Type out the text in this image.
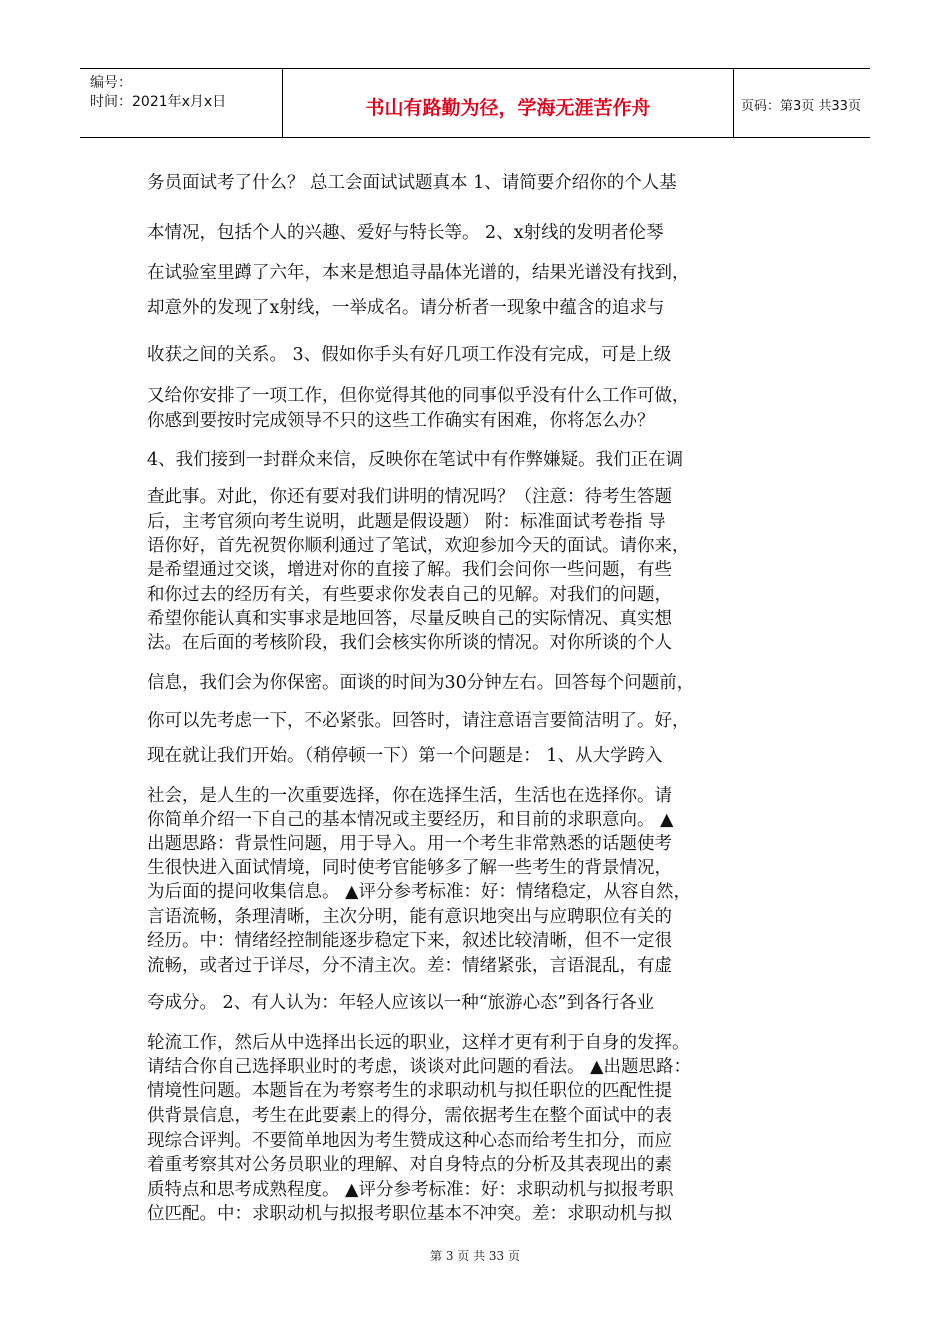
编号：
时间：2021年x月x日	书山有路勤为径，学海无涯苦作舟	页码：第3页 共33页
务员面试考了什么？ 总工会面试试题真本 1、请简要介绍你的个人基
本情况，包括个人的兴趣、爱好与特长等。 2、x射线的发明者伦琴
在试验室里蹲了六年，本来是想追寻晶体光谱的，结果光谱没有找到，
却意外的发现了x射线，一举成名。请分析者一现象中蕴含的追求与
收获之间的关系。 3、假如你手头有好几项工作没有完成，可是上级
又给你安排了一项工作，但你觉得其他的同事似乎没有什么工作可做，
你感到要按时完成领导不只的这些工作确实有困难，你将怎么办？
4、我们接到一封群众来信，反映你在笔试中有作弊嫌疑。我们正在调
查此事。对此，你还有要对我们讲明的情况吗？（注意：待考生答题
后，主考官须向考生说明，此题是假设题） 附：标准面试考卷指 导
语你好，首先祝贺你顺利通过了笔试，欢迎参加今天的面试。请你来，
是希望通过交谈，增进对你的直接了解。我们会问你一些问题，有些
和你过去的经历有关，有些要求你发表自己的见解。对我们的问题，
希望你能认真和实事求是地回答，尽量反映自己的实际情况、真实想
法。在后面的考核阶段，我们会核实你所谈的情况。对你所谈的个人
信息，我们会为你保密。面谈的时间为30分钟左右。回答每个问题前，
你可以先考虑一下，不必紧张。回答时，请注意语言要简洁明了。好，
现在就让我们开始。（稍停顿一下）第一个问题是： 1、从大学跨入
社会，是人生的一次重要选择，你在选择生活，生活也在选择你。请
你简单介绍一下自己的基本情况或主要经历，和目前的求职意向。 ▲
出题思路：背景性问题，用于导入。用一个考生非常熟悉的话题使考
生很快进入面试情境，同时使考官能够多了解一些考生的背景情况，
为后面的提问收集信息。 ▲评分参考标准：好：情绪稳定，从容自然，
言语流畅，条理清晰，主次分明，能有意识地突出与应聘职位有关的
经历。中：情绪经控制能逐步稳定下来，叙述比较清晰，但不一定很
流畅，或者过于详尽，分不清主次。差：情绪紧张，言语混乱，有虚
夸成分。 2、有人认为：年轻人应该以一种“旅游心态”到各行各业
轮流工作，然后从中选择出长远的职业，这样才更有利于自身的发挥。
请结合你自己选择职业时的考虑，谈谈对此问题的看法。 ▲出题思路：
情境性问题。本题旨在为考察考生的求职动机与拟任职位的匹配性提
供背景信息，考生在此要素上的得分，需依据考生在整个面试中的表
现综合评判。不要简单地因为考生赞成这种心态而给考生扣分，而应
着重考察其对公务员职业的理解、对自身特点的分析及其表现出的素
质特点和思考成熟程度。 ▲评分参考标准：好：求职动机与拟报考职
位匹配。中：求职动机与拟报考职位基本不冲突。差：求职动机与拟
第 3 页 共 33 页
